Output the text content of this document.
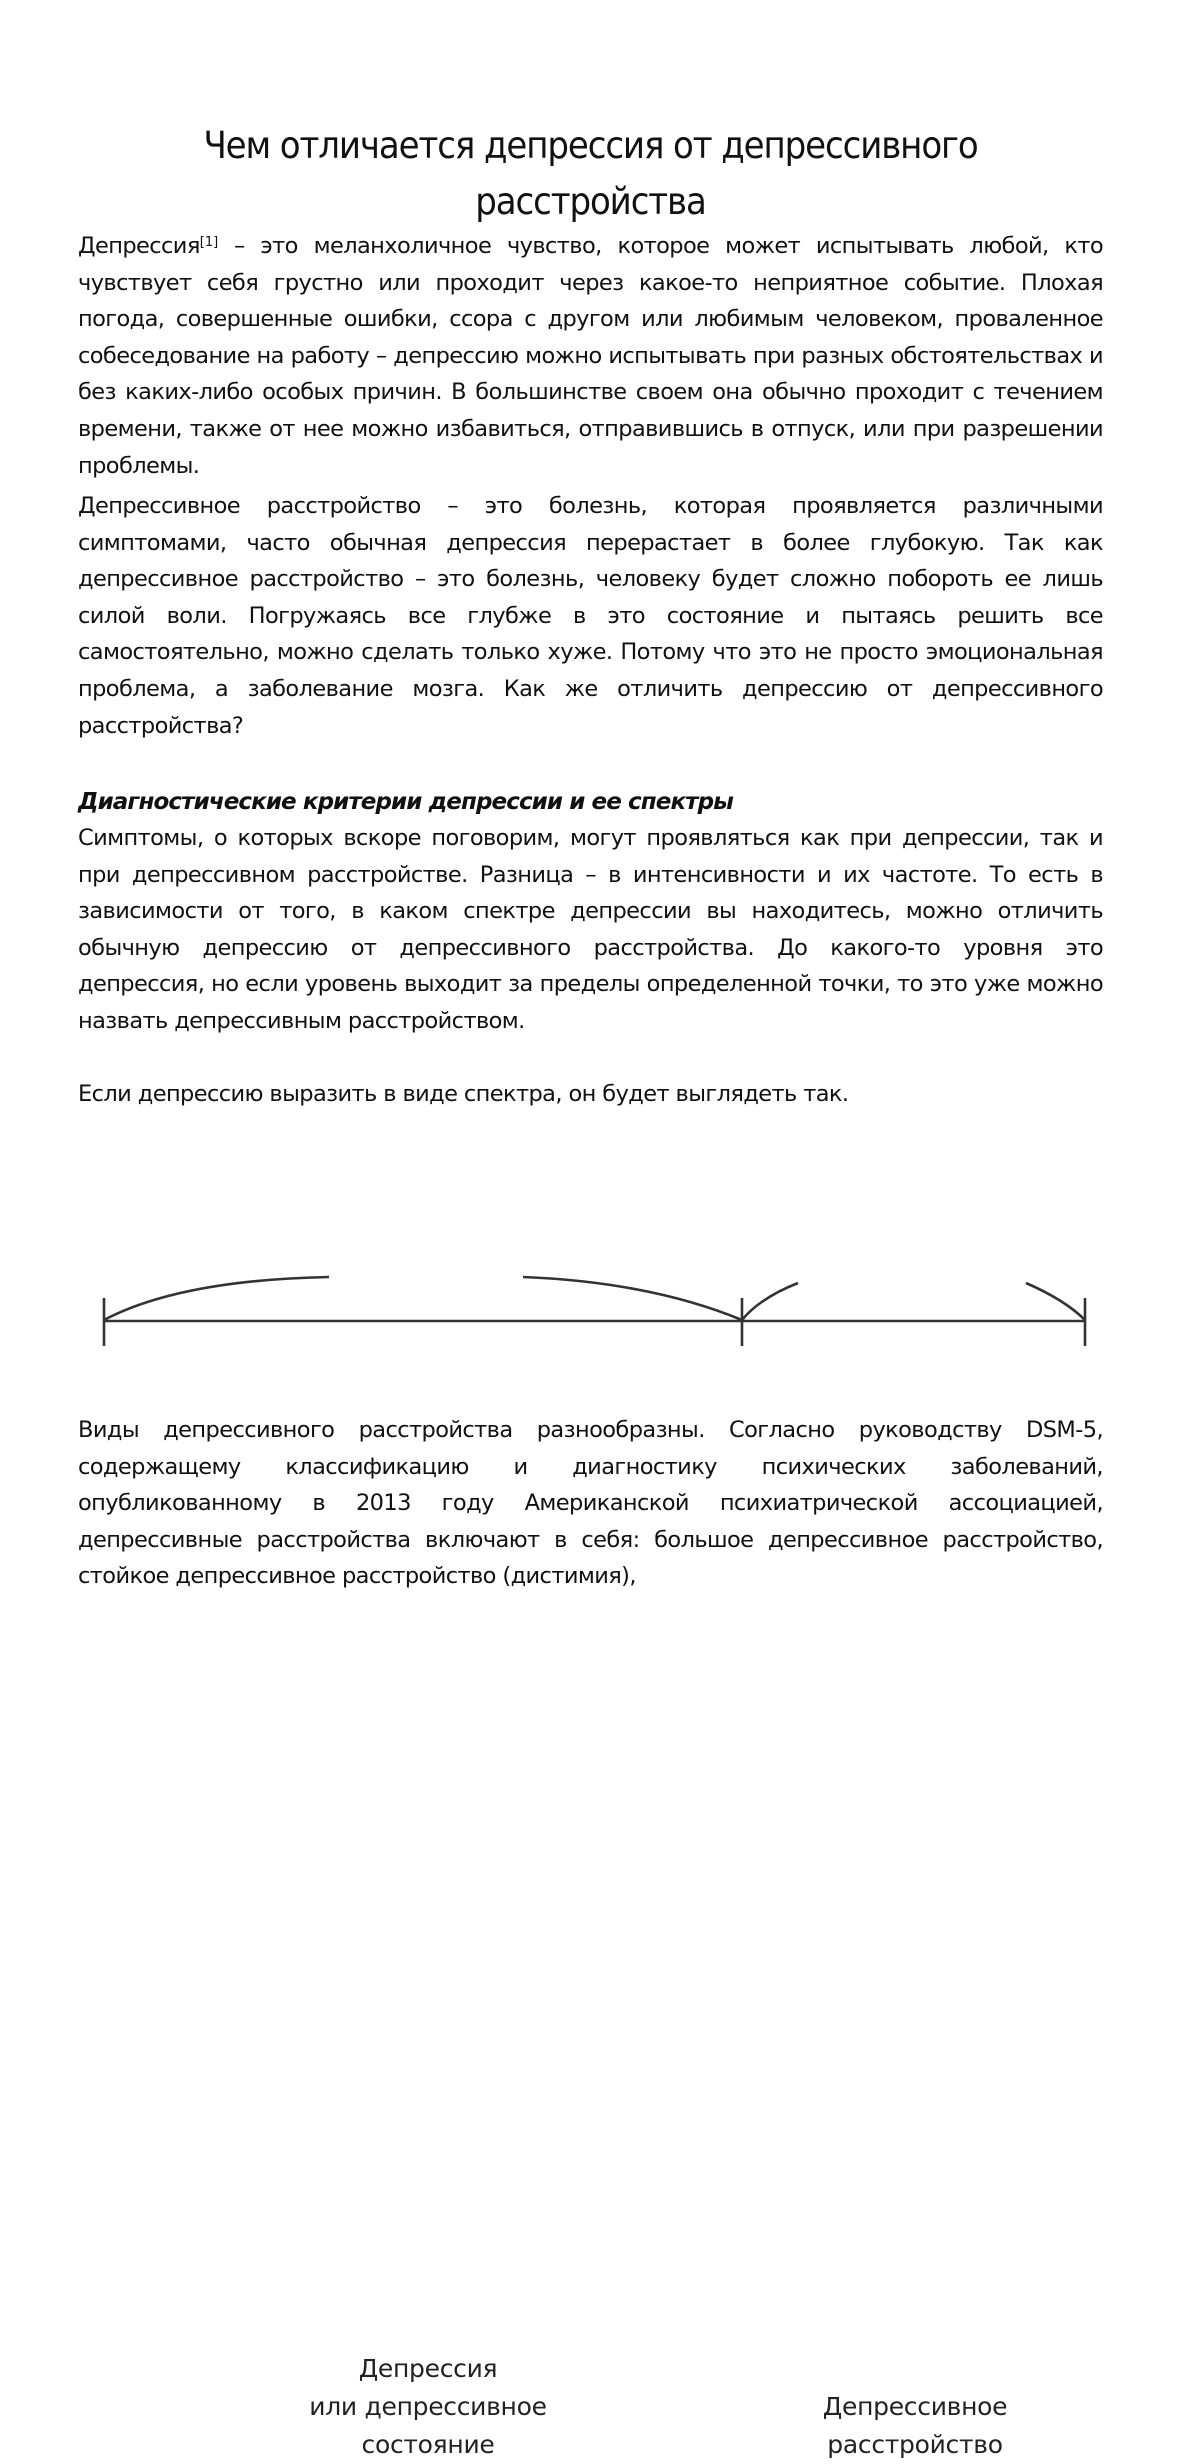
Чем отличается депрессия от депрессивного расстройства

Депрессия[1] – это меланхоличное чувство, которое может испытывать любой, кто чувствует себя грустно или проходит через какое-то неприятное событие. Плохая погода, совершенные ошибки, ссора с другом или любимым человеком, проваленное собеседование на работу – депрессию можно испытывать при разных обстоятельствах и без каких-либо особых причин. В большинстве своем она обычно проходит с течением времени, также от нее можно избавиться, отправившись в отпуск, или при разрешении проблемы.

Депрессивное расстройство – это болезнь, которая проявляется различными симптомами, часто обычная депрессия перерастает в более глубокую. Так как депрессивное расстройство – это болезнь, человеку будет сложно побороть ее лишь силой воли. Погружаясь все глубже в это состояние и пытаясь решить все самостоятельно, можно сделать только хуже. Потому что это не просто эмоциональная проблема, а заболевание мозга. Как же отличить депрессию от депрессивного расстройства?

Диагностические критерии депрессии и ее спектры

Симптомы, о которых вскоре поговорим, могут проявляться как при депрессии, так и при депрессивном расстройстве. Разница – в интенсивности и их частоте. То есть в зависимости от того, в каком спектре депрессии вы находитесь, можно отличить обычную депрессию от депрессивного расстройства. До какого-то уровня это депрессия, но если уровень выходит за пределы определенной точки, то это уже можно назвать депрессивным расстройством.

Если депрессию выразить в виде спектра, он будет выглядеть так.

Виды депрессивного расстройства разнообразны. Согласно руководству DSM-5, содержащему классификацию и диагностику психических заболеваний, опубликованному в 2013 году Американской психиатрической ассоциацией, депрессивные расстройства включают в себя: большое депрессивное расстройство, стойкое депрессивное расстройство (дистимия),

Депрессия
или депрессивное
состояние
Депрессивное
расстройство
